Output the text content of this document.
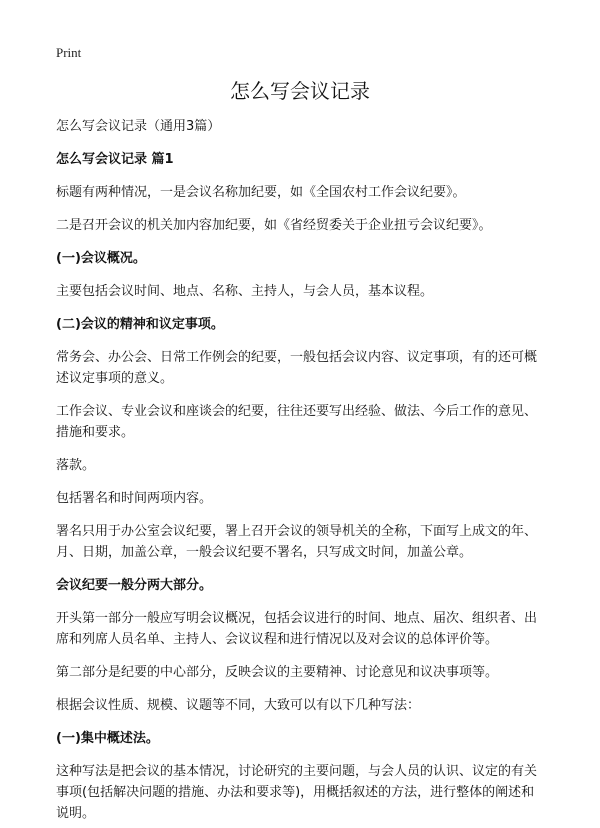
Print
怎么写会议记录

怎么写会议记录（通用3篇）

怎么写会议记录 篇1

标题有两种情况，一是会议名称加纪要，如《全国农村工作会议纪要》。

二是召开会议的机关加内容加纪要，如《省经贸委关于企业扭亏会议纪要》。

(一)会议概况。

主要包括会议时间、地点、名称、主持人，与会人员，基本议程。

(二)会议的精神和议定事项。

常务会、办公会、日常工作例会的纪要，一般包括会议内容、议定事项，有的还可概述议定事项的意义。

工作会议、专业会议和座谈会的纪要，往往还要写出经验、做法、今后工作的意见、措施和要求。

落款。

包括署名和时间两项内容。

署名只用于办公室会议纪要，署上召开会议的领导机关的全称，下面写上成文的年、月、日期，加盖公章，一般会议纪要不署名，只写成文时间，加盖公章。

会议纪要一般分两大部分。

开头第一部分一般应写明会议概况，包括会议进行的时间、地点、届次、组织者、出席和列席人员名单、主持人、会议议程和进行情况以及对会议的总体评价等。

第二部分是纪要的中心部分，反映会议的主要精神、讨论意见和议决事项等。

根据会议性质、规模、议题等不同，大致可以有以下几种写法：

(一)集中概述法。

这种写法是把会议的基本情况，讨论研究的主要问题，与会人员的认识、议定的有关事项(包括解决问题的措施、办法和要求等)，用概括叙述的方法，进行整体的阐述和说明。
